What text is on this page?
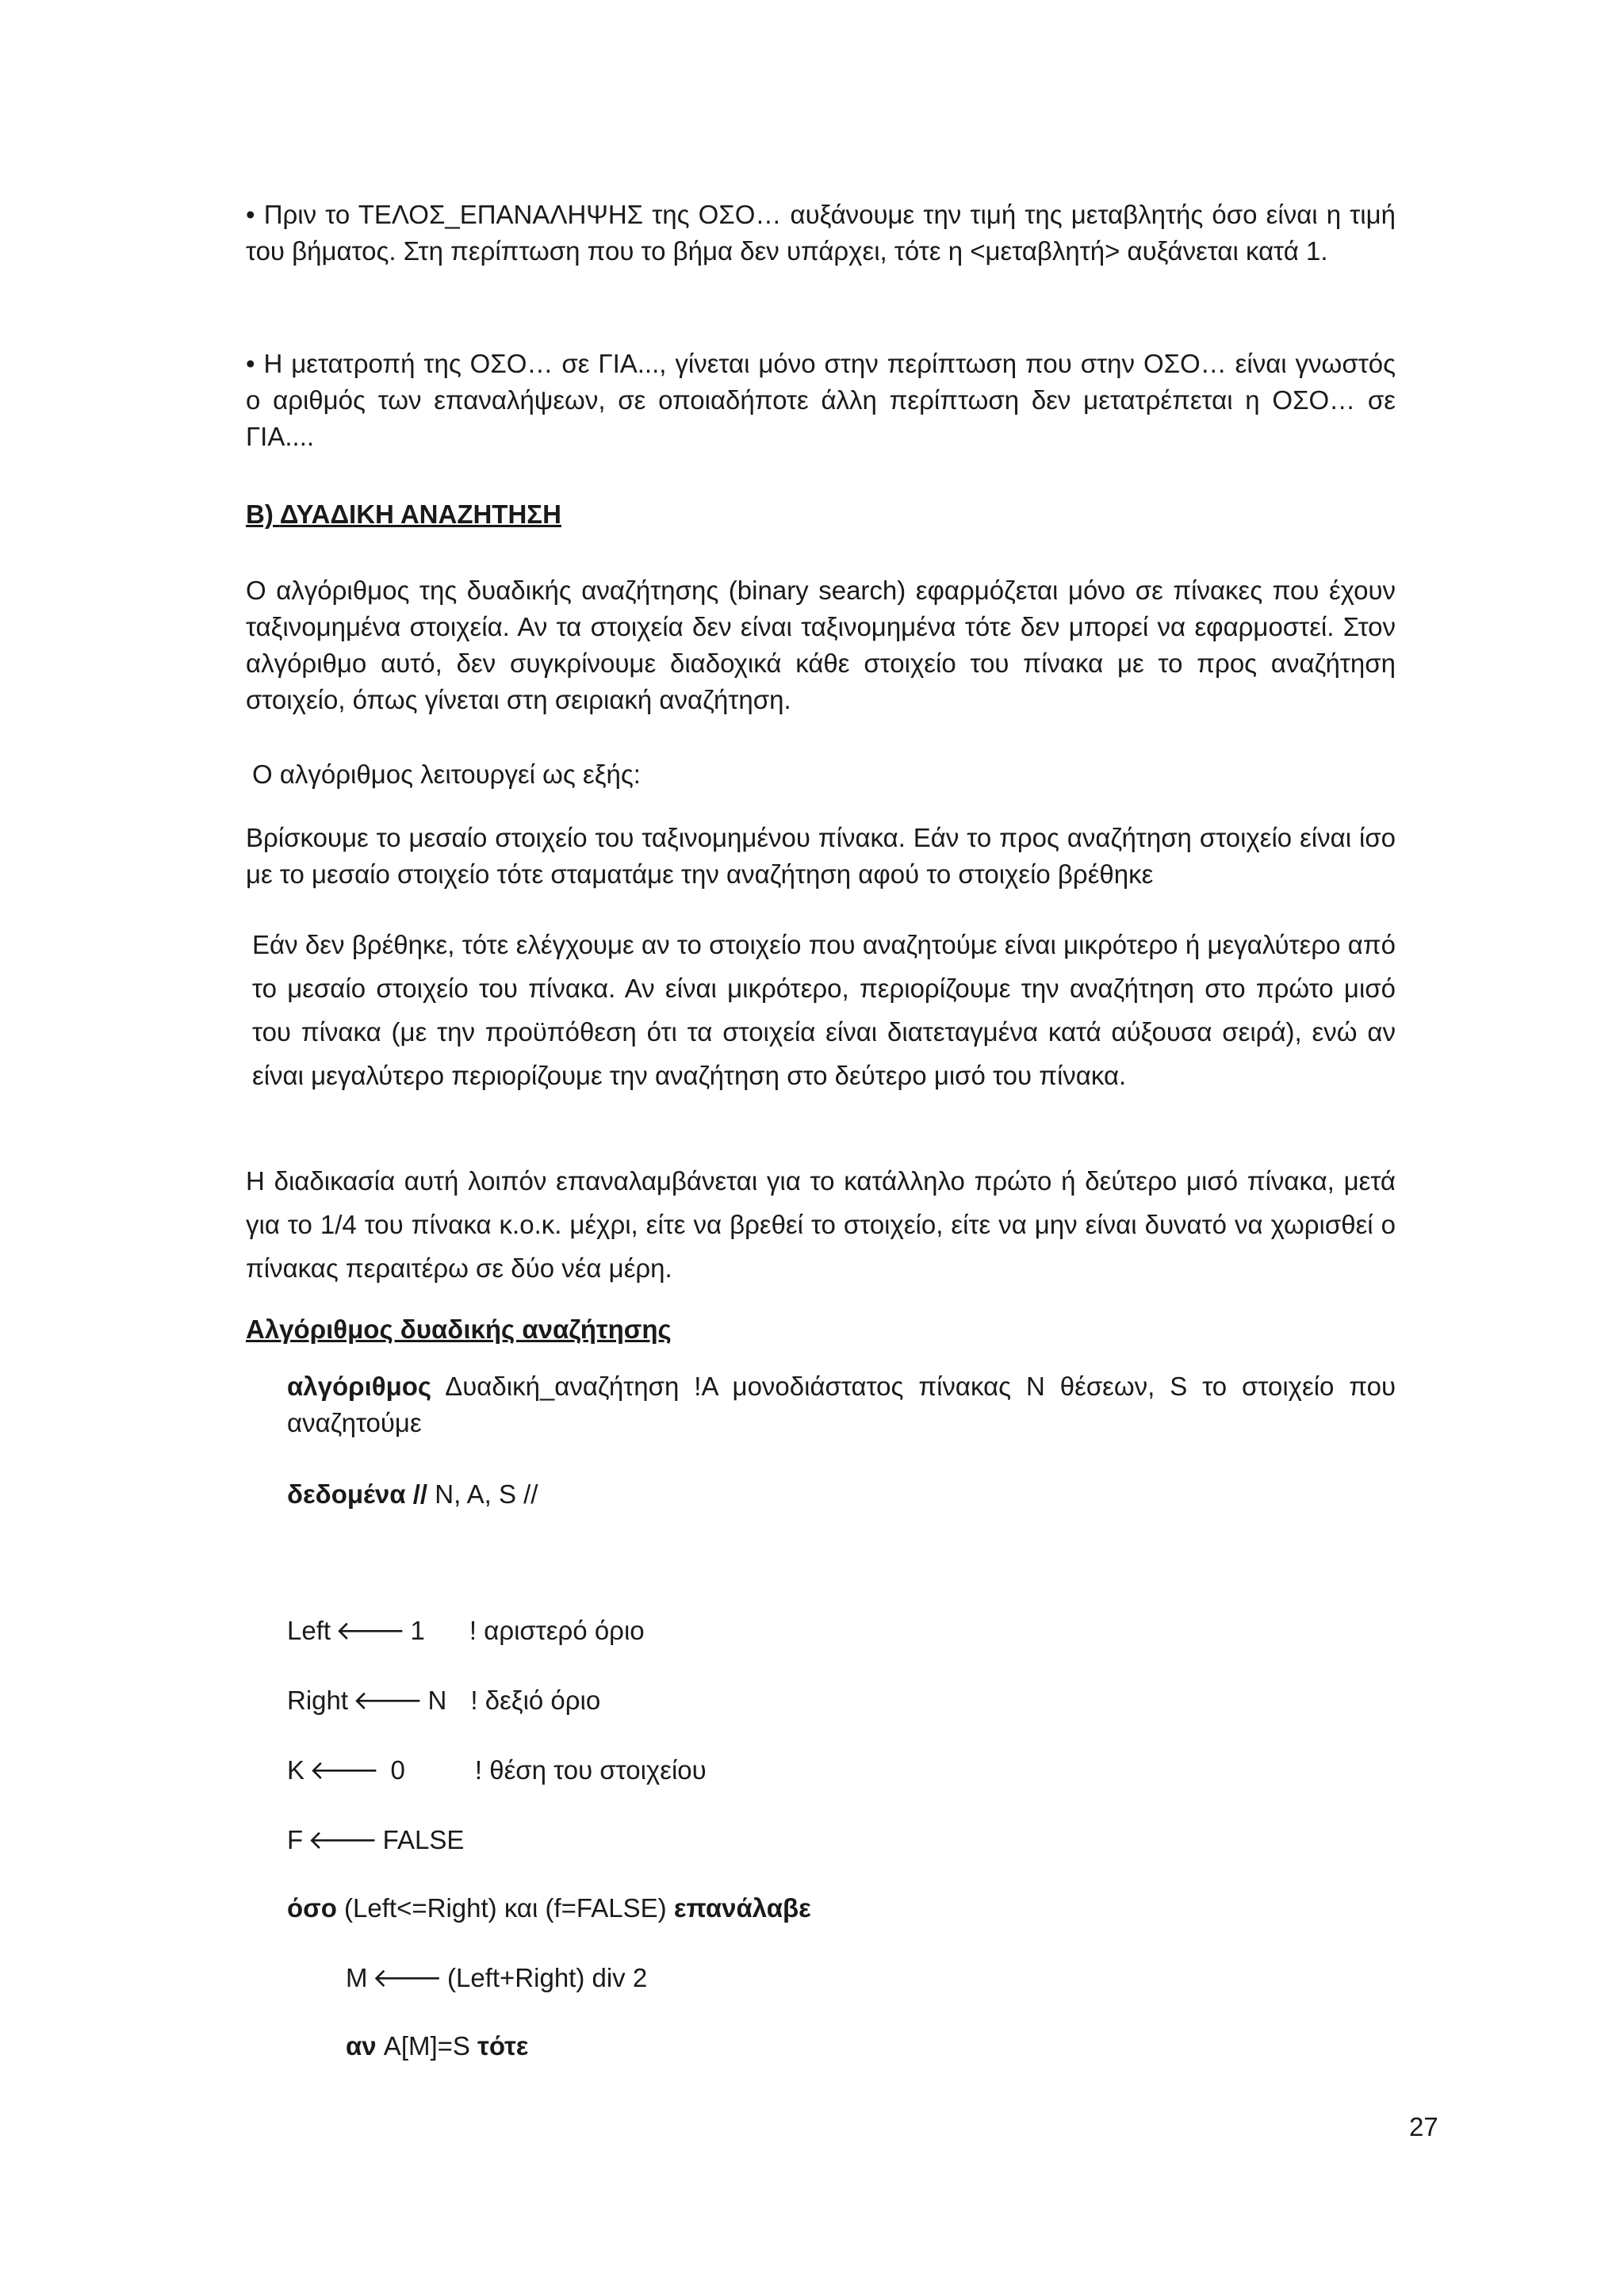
• Πριν το ΤΕΛΟΣ_ΕΠΑΝΑΛΗΨΗΣ της ΟΣΟ… αυξάνουμε την τιμή της μεταβλητής όσο είναι η τιμή του βήματος. Στη περίπτωση που το βήμα δεν υπάρχει, τότε η <μεταβλητή> αυξάνεται κατά 1.

• Η μετατροπή της ΟΣΟ… σε ΓΙΑ..., γίνεται μόνο στην περίπτωση που στην ΟΣΟ… είναι γνωστός ο αριθμός των επαναλήψεων, σε οποιαδήποτε άλλη περίπτωση δεν μετατρέπεται η ΟΣΟ… σε ΓΙΑ....

Β) ΔΥΑΔΙΚΗ ΑΝΑΖΗΤΗΣΗ

Ο αλγόριθμος της δυαδικής αναζήτησης (binary search) εφαρμόζεται μόνο σε πίνακες που έχουν ταξινομημένα στοιχεία. Αν τα στοιχεία δεν είναι ταξινομημένα τότε δεν μπορεί να εφαρμοστεί. Στον αλγόριθμο αυτό, δεν συγκρίνουμε διαδοχικά κάθε στοιχείο του πίνακα με το προς αναζήτηση στοιχείο, όπως γίνεται στη σειριακή αναζήτηση.

Ο αλγόριθμος λειτουργεί ως εξής:

Βρίσκουμε το μεσαίο στοιχείο του ταξινομημένου πίνακα. Εάν το προς αναζήτηση στοιχείο είναι ίσο με το μεσαίο στοιχείο τότε σταματάμε την αναζήτηση αφού το στοιχείο βρέθηκε

Εάν δεν βρέθηκε, τότε ελέγχουμε αν το στοιχείο που αναζητούμε είναι μικρότερο ή μεγαλύτερο από το μεσαίο στοιχείο του πίνακα. Αν είναι μικρότερο, περιορίζουμε την αναζήτηση στο πρώτο μισό του πίνακα (με την προϋπόθεση ότι τα στοιχεία είναι διατεταγμένα κατά αύξουσα σειρά), ενώ αν είναι μεγαλύτερο περιορίζουμε την αναζήτηση στο δεύτερο μισό του πίνακα.

Η διαδικασία αυτή λοιπόν επαναλαμβάνεται για το κατάλληλο πρώτο ή δεύτερο μισό πίνακα, μετά για το 1/4 του πίνακα κ.ο.κ. μέχρι, είτε να βρεθεί το στοιχείο, είτε να μην είναι δυνατό να χωρισθεί ο πίνακας περαιτέρω σε δύο νέα μέρη.

Αλγόριθμος δυαδικής αναζήτησης

αλγόριθμος Δυαδική_αναζήτηση !Α μονοδιάστατος πίνακας Ν θέσεων, S το στοιχείο που αναζητούμε

δεδομένα // N, A, S //

Left 🡐 1 ! αριστερό όριο

Right 🡐 N ! δεξιό όριο

K 🡐 0	! θέση του στοιχείου

F 🡐 FALSE

όσο (Left<=Right) και (f=FALSE) επανάλαβε

M 🡐 (Left+Right) div 2

αν A[M]=S τότε

27
